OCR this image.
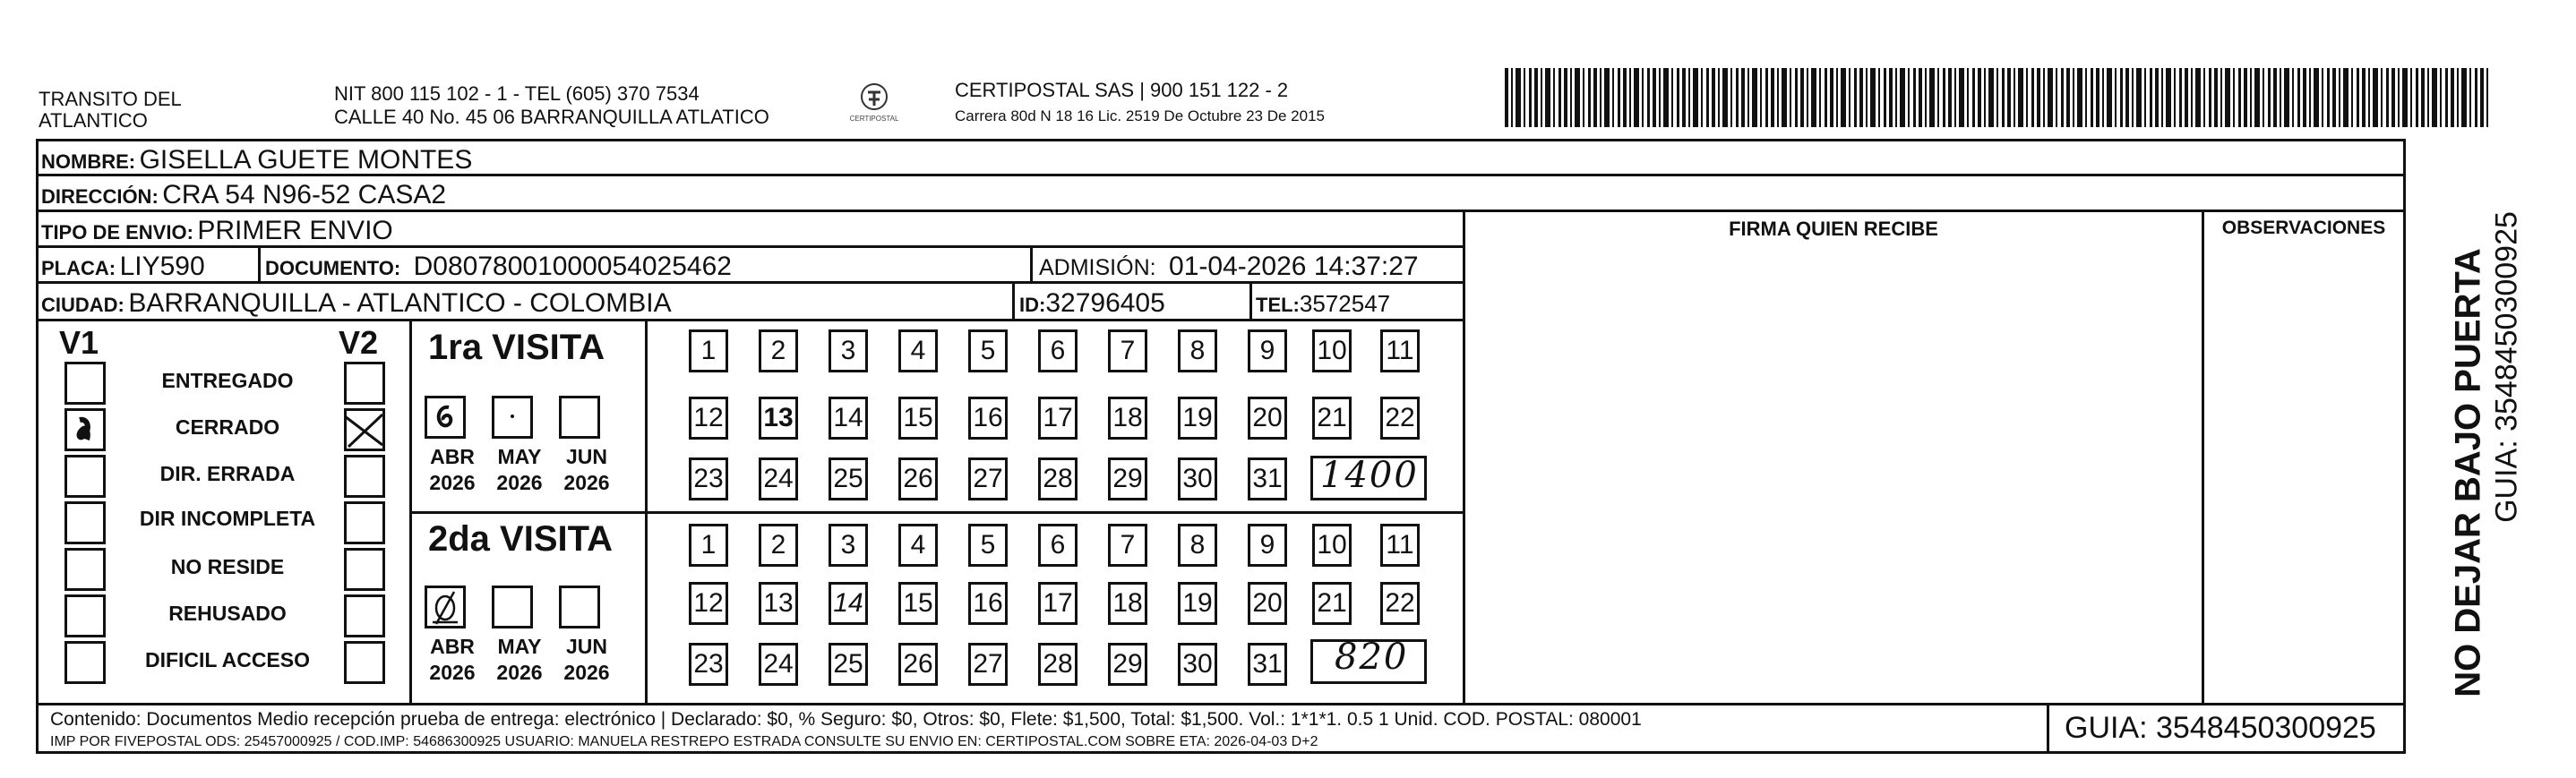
TRANSITO DEL
ATLANTICO
NIT 800 115 102 - 1 - TEL (605) 370 7534
CALLE 40 No. 45 06 BARRANQUILLA ATLATICO	CERTIPOSTAL
CERTIPOSTAL SAS | 900 151 122 - 2
Carrera 80d N 18 16 Lic. 2519 De Octubre 23 De 2015
NOMBRE: GISELLA GUETE MONTES
DIRECCIÓN: CRA 54 N96-52 CASA2
TIPO DE ENVIO: PRIMER ENVIO	FIRMA QUIEN RECIBE	OBSERVACIONES
PLACA: LIY590	DOCUMENTO: D08078001000054025462	ADMISIÓN: 01-04-2026 14:37:27
CIUDAD: BARRANQUILLA - ATLANTICO - COLOMBIA	ID:32796405	TEL:3572547
V1	V2
ENTREGADO
CERRADO
DIR. ERRADA
DIR INCOMPLETA
NO RESIDE
REHUSADO
DIFICIL ACCESO
1ra VISITA
ABR
2026
MAY
2026
JUN
2026
1	2	3	4	5	6	7	8	9	10 11
12 13 14 15 16 17 18 19 20 21 22
23 24 25 26 27 28 29 30 31 1400
2da VISITA
ABR
2026
MAY
2026
JUN
2026
1	2	3	4	5	6	7	8	9	10 11
12 13 14 15 16 17 18 19 20 21 22
23 24 25 26 27 28 29 30 31 820
Contenido: Documentos Medio recepción prueba de entrega: electrónico | Declarado: $0, % Seguro: $0, Otros: $0, Flete: $1,500, Total: $1,500. Vol.: 1*1*1. 0.5 1 Unid. COD. POSTAL: 080001
IMP POR FIVEPOSTAL ODS: 25457000925 / COD.IMP: 54686300925 USUARIO: MANUELA RESTREPO ESTRADA CONSULTE SU ENVIO EN: CERTIPOSTAL.COM SOBRE ETA: 2026-04-03 D+2	GUIA: 3548450300925
NO DEJAR BAJO PUERTA GUIA: 3548450300925
